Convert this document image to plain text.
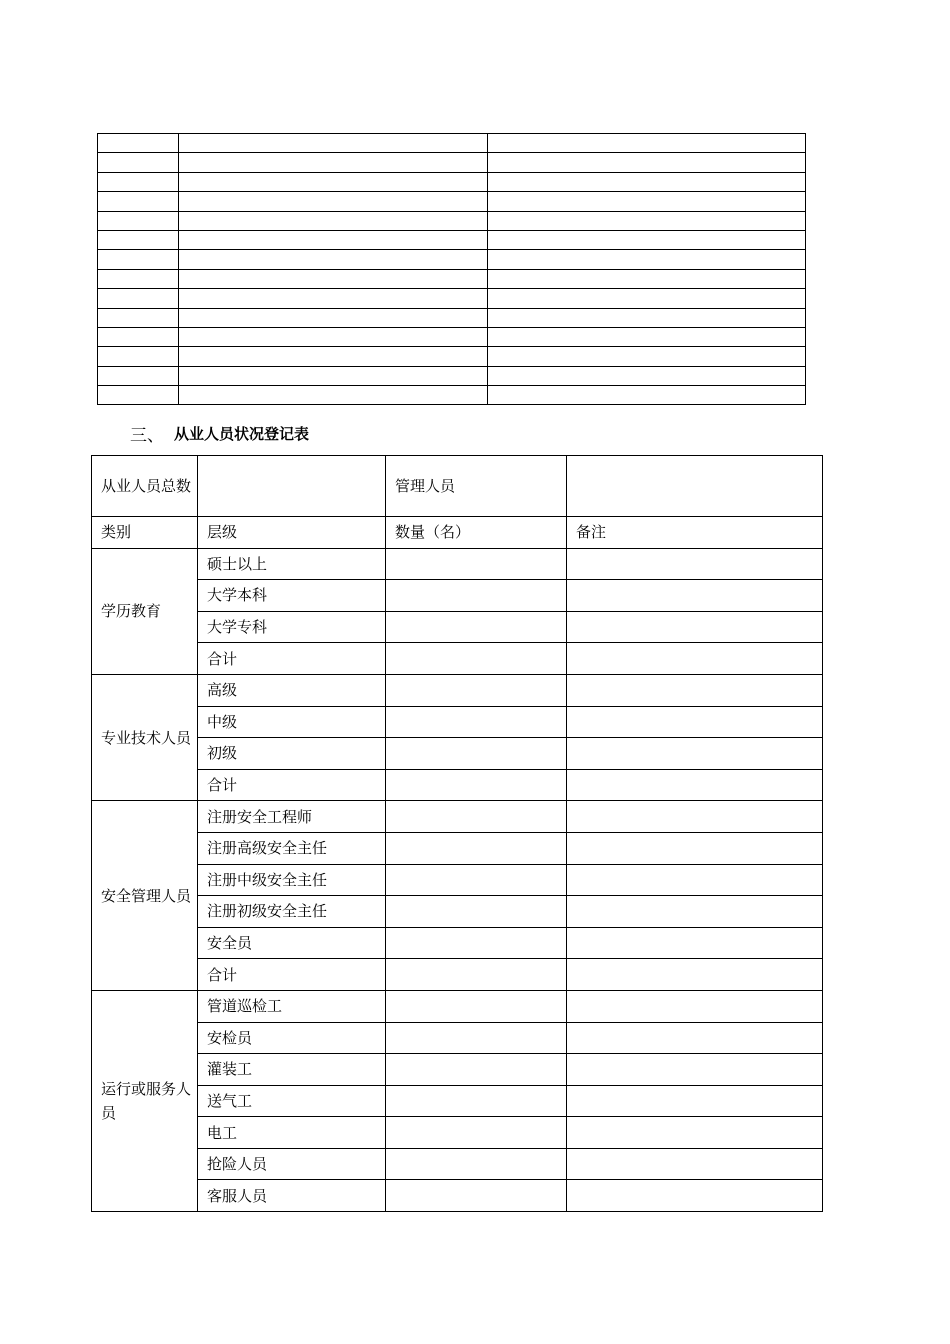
三、 从业人员状况登记表
从业人员总数		管理人员	
类别	层级	数量（名）	备注
学历教育	硕士以上		
	大学本科		
	大学专科		
	合计		
专业技术人员	高级		
	中级		
	初级		
	合计		
安全管理人员	注册安全工程师		
	注册高级安全主任		
	注册中级安全主任		
	注册初级安全主任		
	安全员		
	合计		
运行或服务人员	管道巡检工		
	安检员		
	灌装工		
	送气工		
	电工		
	抢险人员		
	客服人员		
